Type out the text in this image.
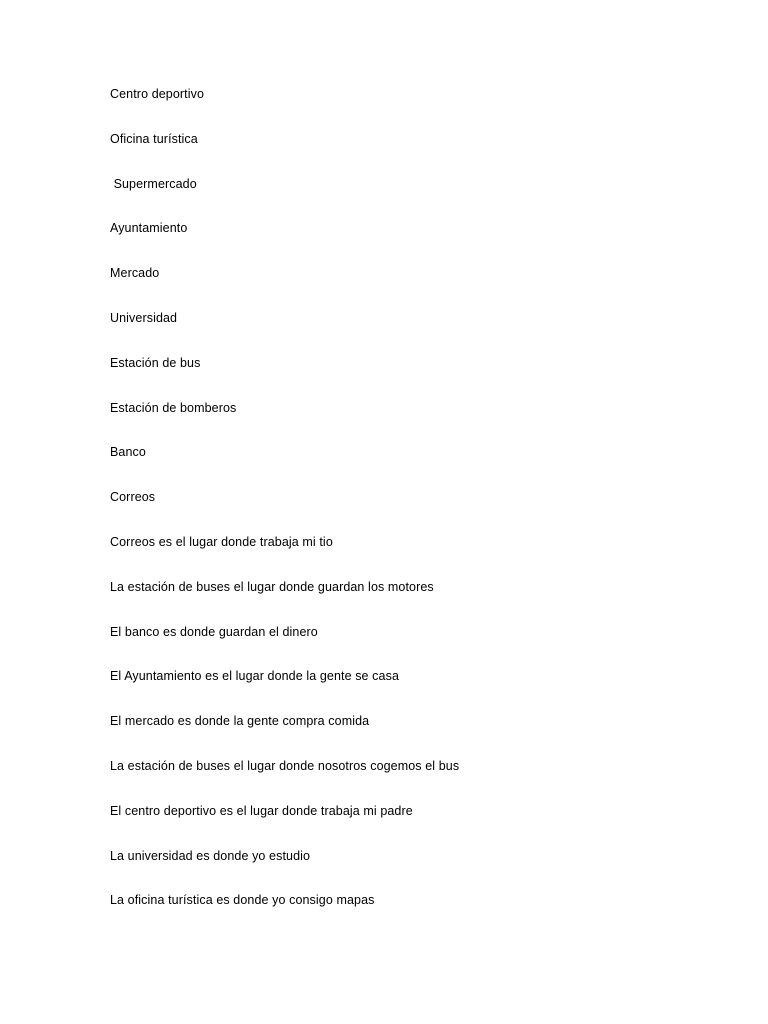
Centro deportivo
Oficina turística
Supermercado
Ayuntamiento
Mercado
Universidad
Estación de bus
Estación de bomberos
Banco
Correos
Correos es el lugar donde trabaja mi tio
La estación de buses el lugar donde guardan los motores
El banco es donde guardan el dinero
El Ayuntamiento es el lugar donde la gente se casa
El mercado es donde la gente compra comida
La estación de buses el lugar donde nosotros cogemos el bus
El centro deportivo es el lugar donde trabaja mi padre
La universidad es donde yo estudio
La oficina turística es donde yo consigo mapas
